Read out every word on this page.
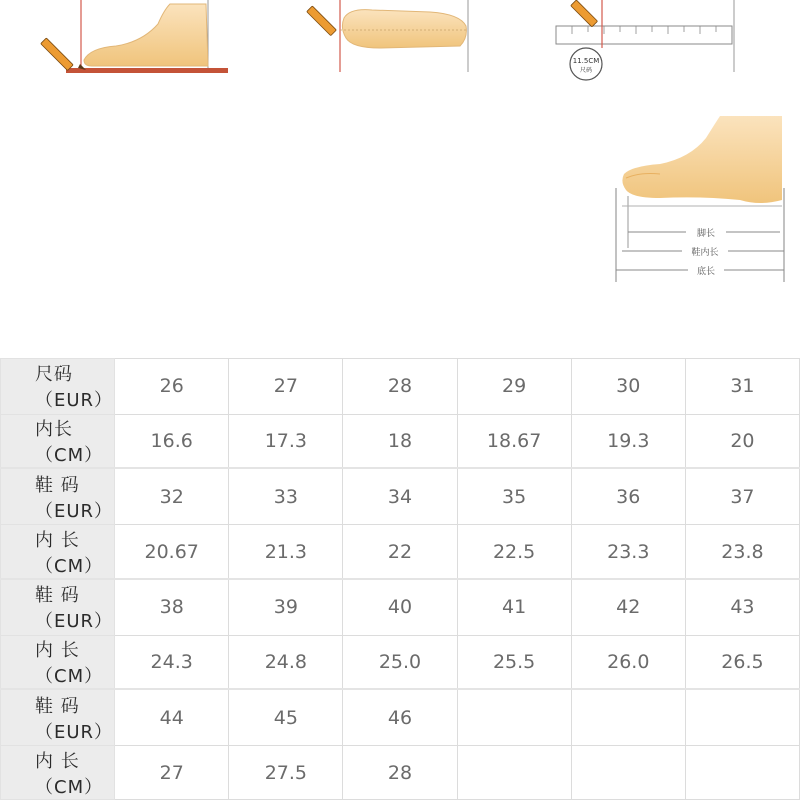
11.5CM
尺码
脚长
鞋内长
底长
尺码（EUR）	26	27	28	29	30	31
内长（CM）	16.6	17.3	18	18.67	19.3	20
鞋 码（EUR）	32	33	34	35	36	37
内 长（CM）	20.67	21.3	22	22.5	23.3	23.8
鞋 码（EUR）	38	39	40	41	42	43
内 长（CM）	24.3	24.8	25.0	25.5	26.0	26.5
鞋 码（EUR）	44	45	46			
内 长（CM）	27	27.5	28			
